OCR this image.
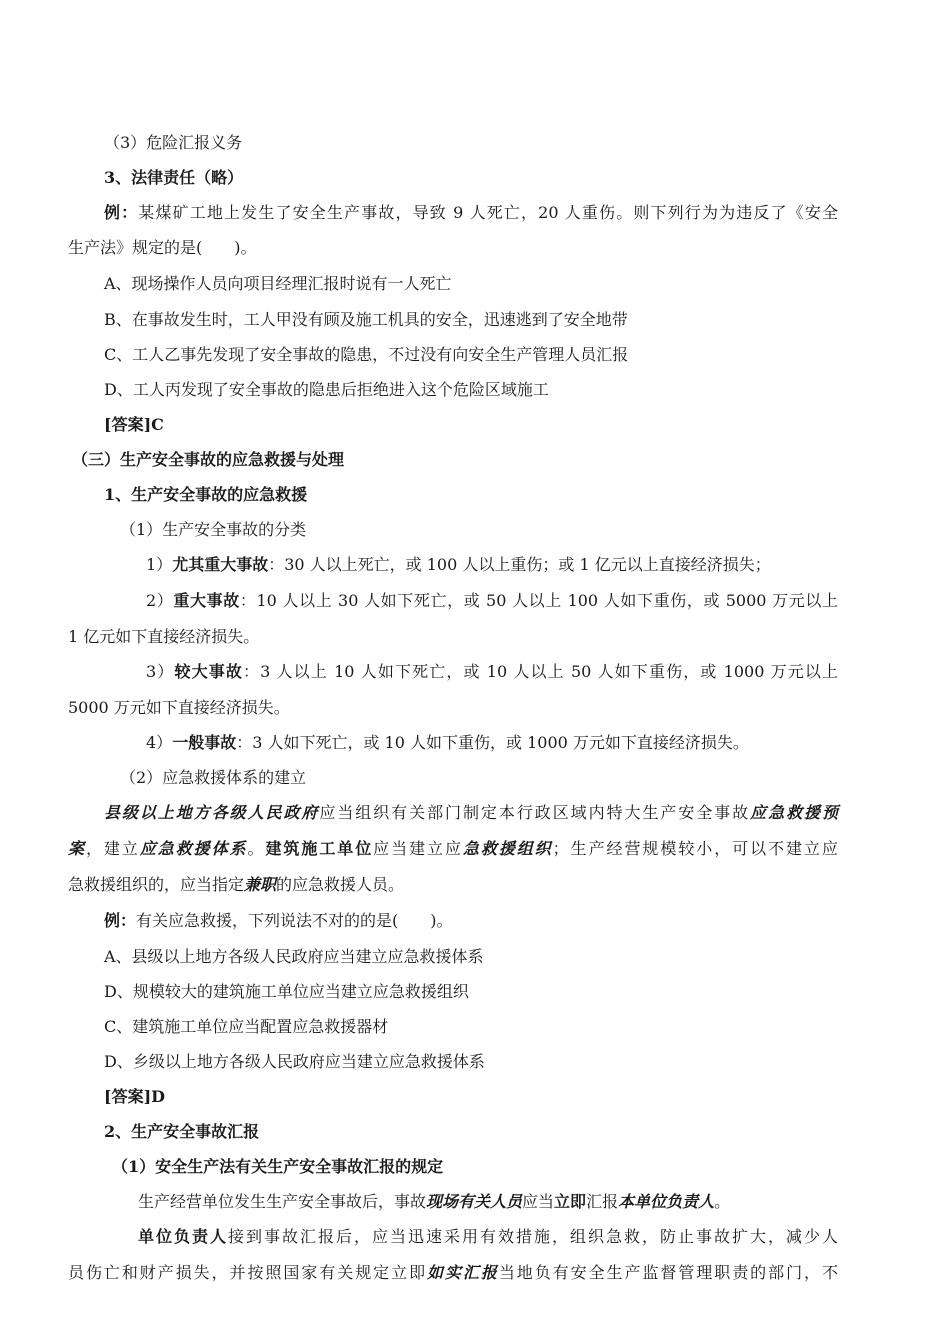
（3）危险汇报义务
3、法律责任（略）
例：某煤矿工地上发生了安全生产事故，导致 9 人死亡，20 人重伤。则下列行为为违反了《安全
生产法》规定的是(　　)。
A、现场操作人员向项目经理汇报时说有一人死亡
B、在事故发生时，工人甲没有顾及施工机具的安全，迅速逃到了安全地带
C、工人乙事先发现了安全事故的隐患，不过没有向安全生产管理人员汇报
D、工人丙发现了安全事故的隐患后拒绝进入这个危险区域施工
[答案]C
（三）生产安全事故的应急救援与处理
1、生产安全事故的应急救援
（1）生产安全事故的分类
1）尤其重大事故：30 人以上死亡，或 100 人以上重伤；或 1 亿元以上直接经济损失；
2）重大事故：10 人以上 30 人如下死亡，或 50 人以上 100 人如下重伤，或 5000 万元以上
1 亿元如下直接经济损失。
3）较大事故：3 人以上 10 人如下死亡，或 10 人以上 50 人如下重伤，或 1000 万元以上
5000 万元如下直接经济损失。
4）一般事故：3 人如下死亡，或 10 人如下重伤，或 1000 万元如下直接经济损失。
（2）应急救援体系的建立
县级以上地方各级人民政府应当组织有关部门制定本行政区域内特大生产安全事故应急救援预
案，建立应急救援体系。建筑施工单位应当建立应急救援组织；生产经营规模较小，可以不建立应
急救援组织的，应当指定兼职的应急救援人员。
例：有关应急救援，下列说法不对的的是(　　)。
A、县级以上地方各级人民政府应当建立应急救援体系
D、规模较大的建筑施工单位应当建立应急救援组织
C、建筑施工单位应当配置应急救援器材
D、乡级以上地方各级人民政府应当建立应急救援体系
[答案]D
2、生产安全事故汇报
（1）安全生产法有关生产安全事故汇报的规定
生产经营单位发生生产安全事故后，事故现场有关人员应当立即汇报本单位负责人。
单位负责人接到事故汇报后，应当迅速采用有效措施，组织急救，防止事故扩大，减少人
员伤亡和财产损失，并按照国家有关规定立即如实汇报当地负有安全生产监督管理职责的部门，不
